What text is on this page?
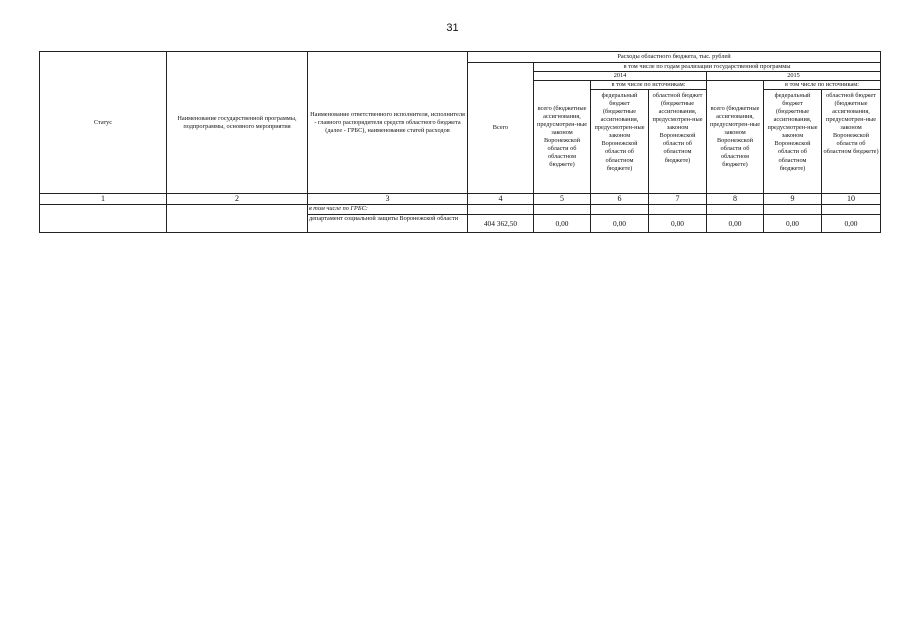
31
Статус	Наименование государственной программы, подпрограммы, основного мероприятия	Наименование ответственного исполнителя, исполнителя - главного распорядителя средств областного бюджета (далее - ГРБС), наименование статей расходов	Расходы областного бюджета, тыс. рублей						
			Всего	в том числе по годам реализации государственной программы					
				2014			2015		
				всего (бюджетные ассигнования, предусмотрен-ные законом Воронежской области об областном бюджете)	в том числе по источникам:		всего (бюджетные ассигнования, предусмотрен-ные законом Воронежской области об областном бюджете)	в том числе по источникам:	
					федеральный бюджет (бюджетные ассигнования, предусмотрен-ные законом Воронежской области об областном бюджете)	областной бюджет (бюджетные ассигнования, предусмотрен-ные законом Воронежской области об областном бюджете)		федеральный бюджет (бюджетные ассигнования, предусмотрен-ные законом Воронежской области об областном бюджете)	областной бюджет (бюджетные ассигнования, предусмотрен-ные законом Воронежской области об областном бюджете)
1	2	3	4	5	6	7	8	9	10
		в том числе по ГРБС:							
		департамент социальной защиты Воронежской области	404 362,50	0,00	0,00	0,00	0,00	0,00	0,00
